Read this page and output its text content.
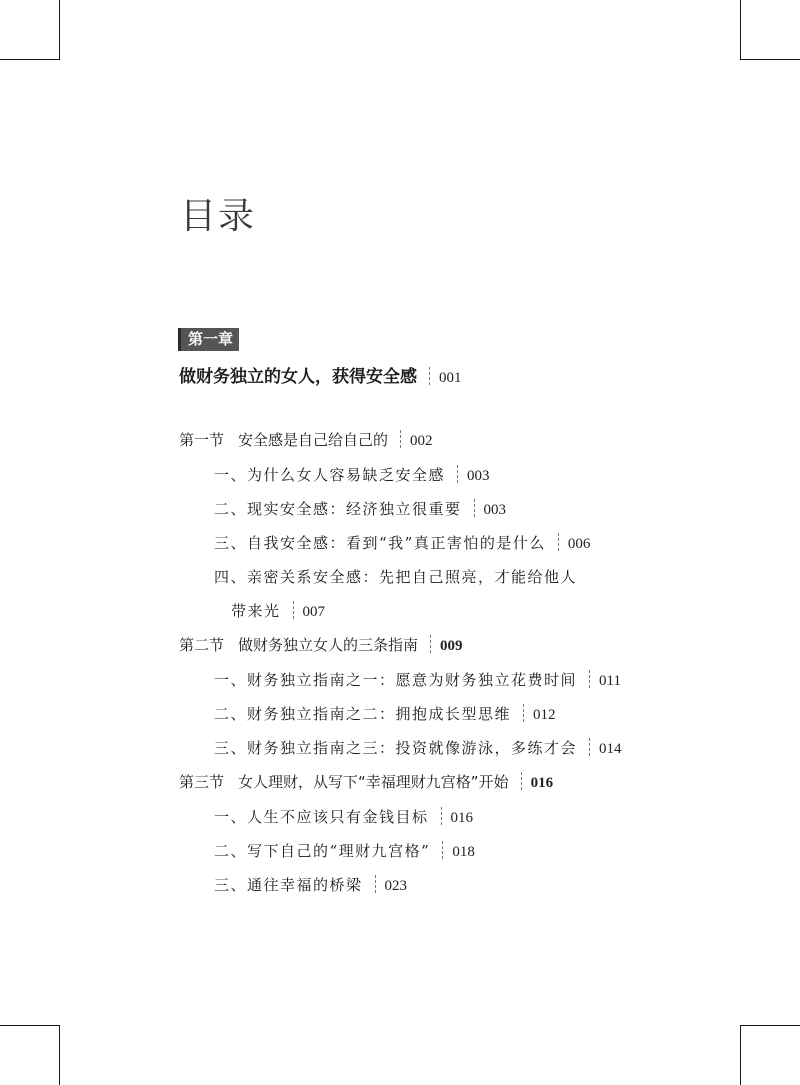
目录
第一章
做财务独立的女人，获得安全感 001
第一节 安全感是自己给自己的 002
一、为什么女人容易缺乏安全感 003
二、现实安全感：经济独立很重要 003
三、自我安全感：看到“我”真正害怕的是什么 006
四、亲密关系安全感：先把自己照亮，才能给他人
带来光 007
第二节 做财务独立女人的三条指南 009
一、财务独立指南之一：愿意为财务独立花费时间 011
二、财务独立指南之二：拥抱成长型思维 012
三、财务独立指南之三：投资就像游泳，多练才会 014
第三节 女人理财，从写下“幸福理财九宫格”开始 016
一、人生不应该只有金钱目标 016
二、写下自己的“理财九宫格” 018
三、通往幸福的桥梁 023
